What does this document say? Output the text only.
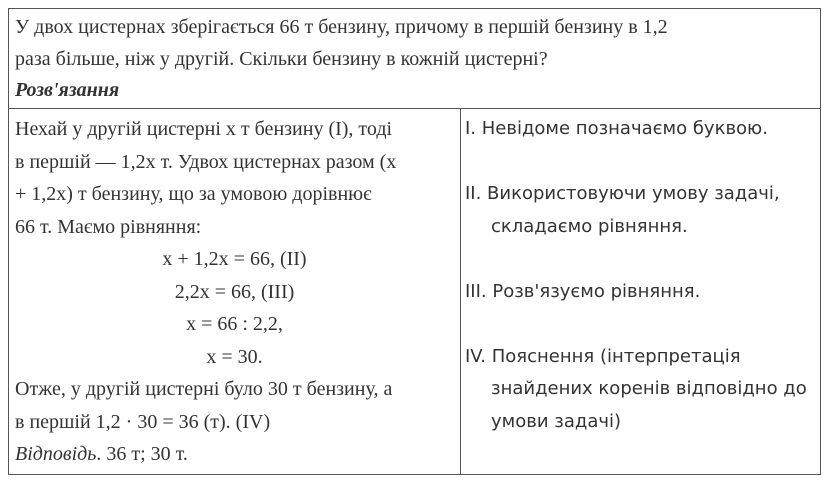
У двох цистернах зберігається 66 т бензину, причому в першій бензину в 1,2

раза більше, ніж у другій. Скільки бензину в кожній цистерні?

Розв'язання

Нехай у другій цистерні x т бензину (I), тоді

в першій — 1,2x т. Удвох цистернах разом (x

+ 1,2x) т бензину, що за умовою дорівнює

66 т. Маємо рівняння:

x + 1,2x = 66, (II)

2,2x = 66, (III)

x = 66 : 2,2,

x = 30.

Отже, у другій цистерні було 30 т бензину, а

в першій 1,2 · 30 = 36 (т). (IV)

Відповідь. 36 т; 30 т.

I. Невідоме позначаємо буквою.

II. Використовуючи умову задачі,

складаємо рівняння.

III. Розв'язуємо рівняння.

IV. Пояснення (інтерпретація

знайдених коренів відповідно до

умови задачі)
